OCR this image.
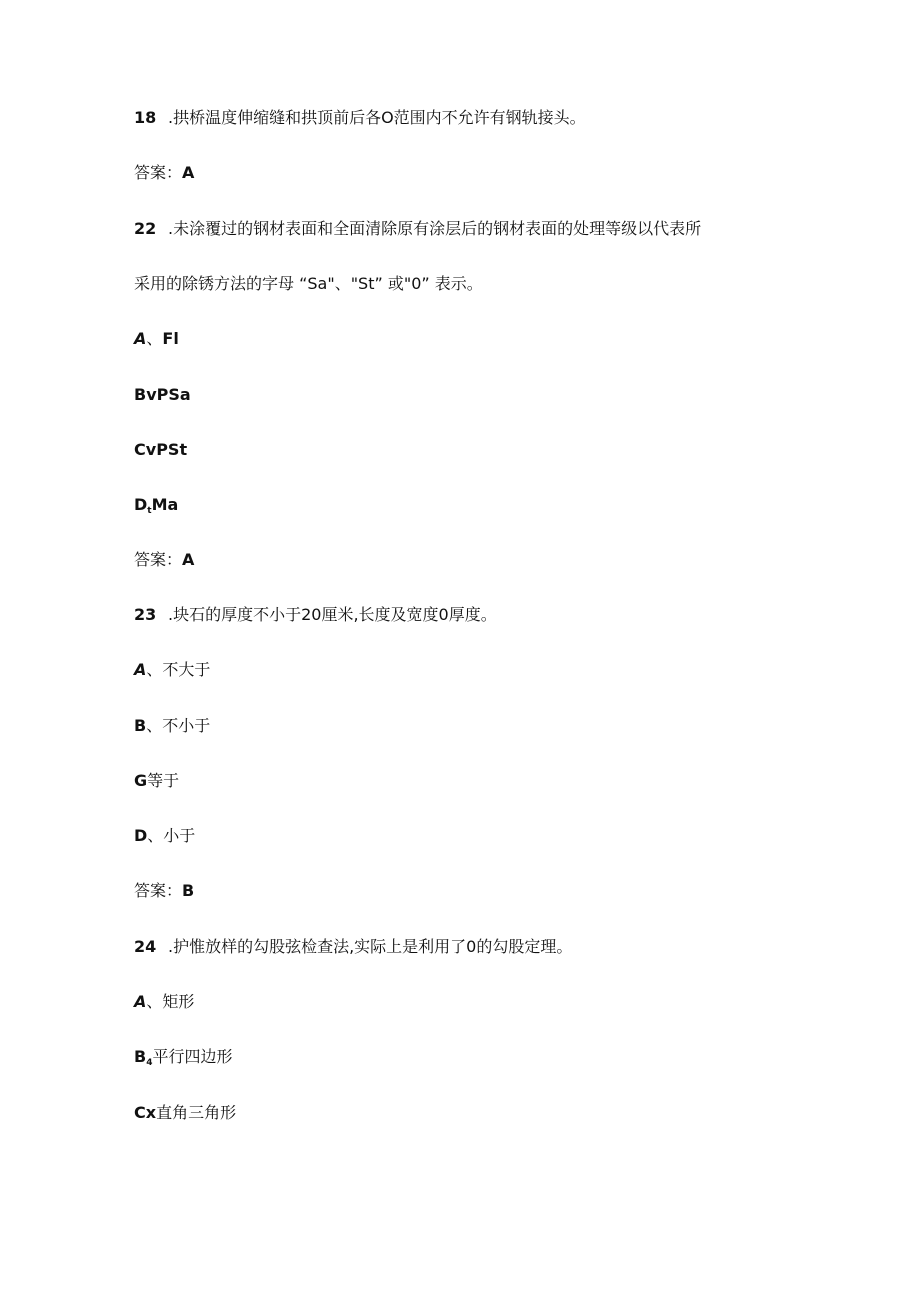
18 .拱桥温度伸缩缝和拱顶前后各O范围内不允许有钢轨接头。
答案：A
22 .未涂覆过的钢材表面和全面清除原有涂层后的钢材表面的处理等级以代表所
采用的除锈方法的字母 “Sa"、"St” 或"0” 表示。
A、Fl
BvPSa
CvPSt
$D_tMa$
答案：A
23 .块石的厚度不小于20厘米,长度及宽度0厚度。
A、不大于
B、不小于
G等于
D、小于
答案：B
24 .护惟放样的勾股弦检查法,实际上是利用了0的勾股定理。
A、矩形
$B_4$平行四边形
Cx直角三角形
